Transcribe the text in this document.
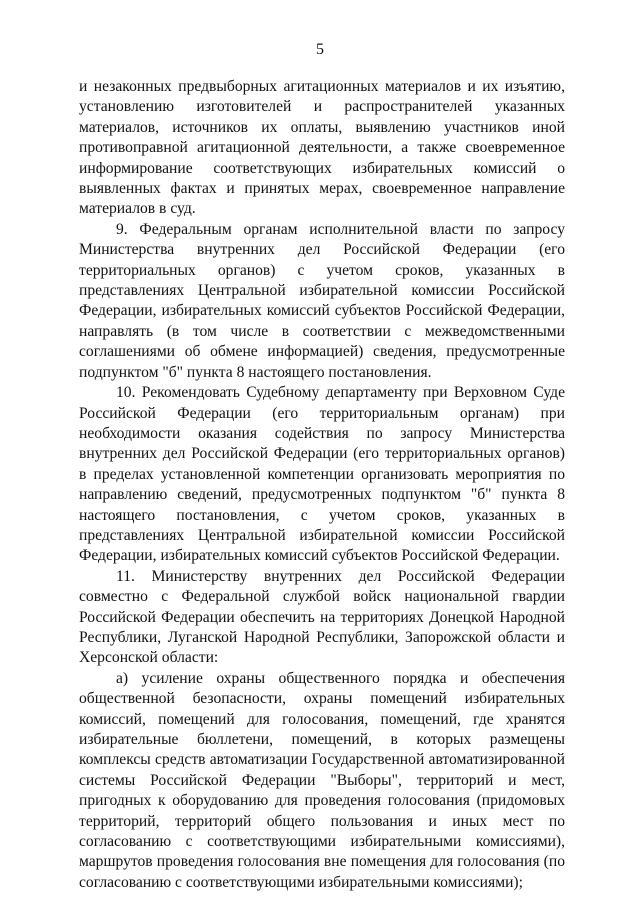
5

и незаконных предвыборных агитационных материалов и их изъятию, установлению изготовителей и распространителей указанных материалов, источников их оплаты, выявлению участников иной противоправной агитационной деятельности, а также своевременное информирование соответствующих избирательных комиссий о выявленных фактах и принятых мерах, своевременное направление материалов в суд.

9. Федеральным органам исполнительной власти по запросу Министерства внутренних дел Российской Федерации (его территориальных органов) с учетом сроков, указанных в представлениях Центральной избирательной комиссии Российской Федерации, избирательных комиссий субъектов Российской Федерации, направлять (в том числе в соответствии с межведомственными соглашениями об обмене информацией) сведения, предусмотренные подпунктом "б" пункта 8 настоящего постановления.

10. Рекомендовать Судебному департаменту при Верховном Суде Российской Федерации (его территориальным органам) при необходимости оказания содействия по запросу Министерства внутренних дел Российской Федерации (его территориальных органов) в пределах установленной компетенции организовать мероприятия по направлению сведений, предусмотренных подпунктом "б" пункта 8 настоящего постановления, с учетом сроков, указанных в представлениях Центральной избирательной комиссии Российской Федерации, избирательных комиссий субъектов Российской Федерации.

11. Министерству внутренних дел Российской Федерации совместно с Федеральной службой войск национальной гвардии Российской Федерации обеспечить на территориях Донецкой Народной Республики, Луганской Народной Республики, Запорожской области и Херсонской области:

а) усиление охраны общественного порядка и обеспечения общественной безопасности, охраны помещений избирательных комиссий, помещений для голосования, помещений, где хранятся избирательные бюллетени, помещений, в которых размещены комплексы средств автоматизации Государственной автоматизированной системы Российской Федерации "Выборы", территорий и мест, пригодных к оборудованию для проведения голосования (придомовых территорий, территорий общего пользования и иных мест по согласованию с соответствующими избирательными комиссиями), маршрутов проведения голосования вне помещения для голосования (по согласованию с соответствующими избирательными комиссиями);
